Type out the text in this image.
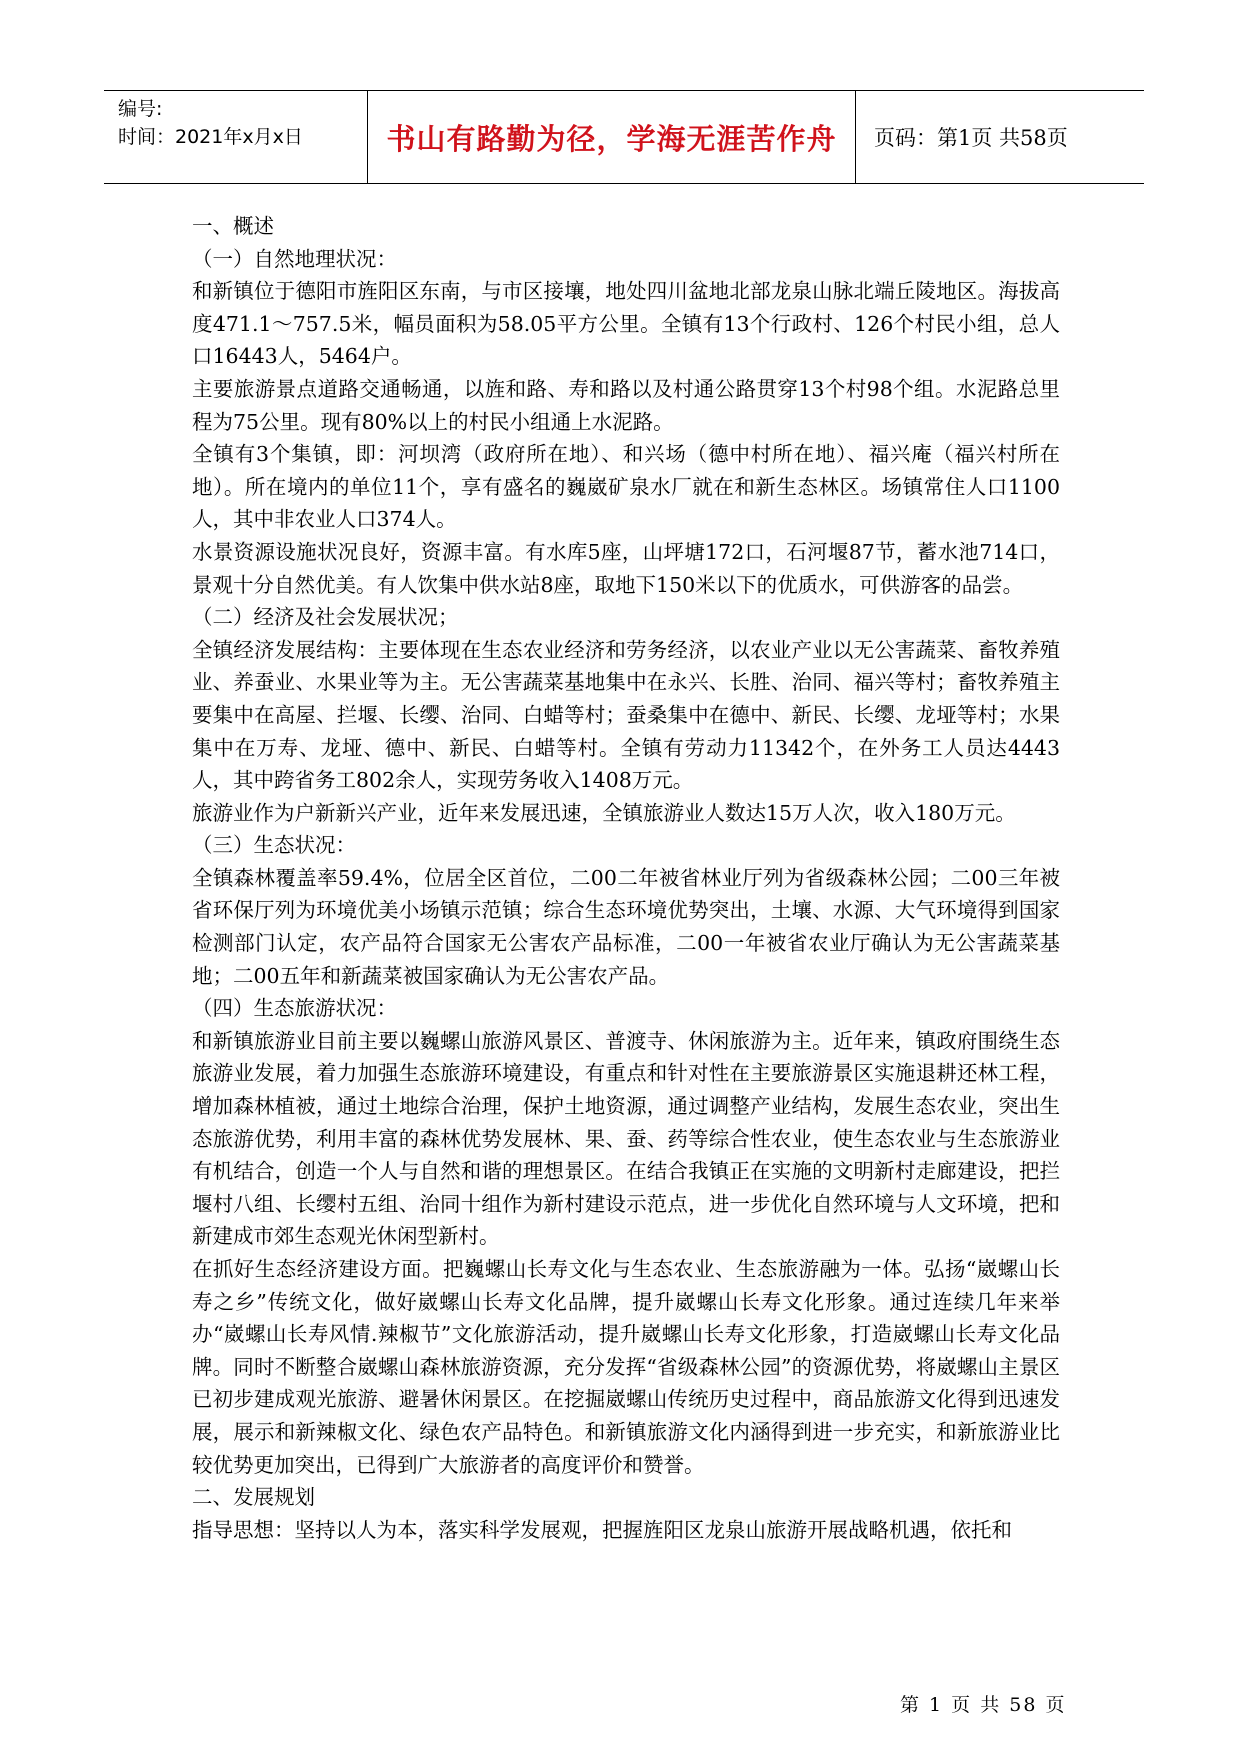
编号:
时间：2021年x月x日	书山有路勤为径，学海无涯苦作舟 页码：第1页 共58页

一、概述

（一）自然地理状况：

和新镇位于德阳市旌阳区东南，与市区接壤，地处四川盆地北部龙泉山脉北端丘陵地区。海拔高度471.1～757.5米，幅员面积为58.05平方公里。全镇有13个行政村、126个村民小组，总人口16443人，5464户。

主要旅游景点道路交通畅通，以旌和路、寿和路以及村通公路贯穿13个村98个组。水泥路总里程为75公里。现有80%以上的村民小组通上水泥路。

全镇有3个集镇，即：河坝湾（政府所在地）、和兴场（德中村所在地）、福兴庵（福兴村所在地）。所在境内的单位11个，享有盛名的巍崴矿泉水厂就在和新生态林区。场镇常住人口1100人，其中非农业人口374人。

水景资源设施状况良好，资源丰富。有水库5座，山坪塘172口，石河堰87节，蓄水池714口，景观十分自然优美。有人饮集中供水站8座，取地下150米以下的优质水，可供游客的品尝。

（二）经济及社会发展状况；

全镇经济发展结构：主要体现在生态农业经济和劳务经济，以农业产业以无公害蔬菜、畜牧养殖业、养蚕业、水果业等为主。无公害蔬菜基地集中在永兴、长胜、治同、福兴等村；畜牧养殖主要集中在高屋、拦堰、长缨、治同、白蜡等村；蚕桑集中在德中、新民、长缨、龙垭等村；水果集中在万寿、龙垭、德中、新民、白蜡等村。全镇有劳动力11342个，在外务工人员达4443人，其中跨省务工802余人，实现劳务收入1408万元。

旅游业作为户新新兴产业，近年来发展迅速，全镇旅游业人数达15万人次，收入180万元。

（三）生态状况：

全镇森林覆盖率59.4%，位居全区首位，二00二年被省林业厅列为省级森林公园；二00三年被省环保厅列为环境优美小场镇示范镇；综合生态环境优势突出，土壤、水源、大气环境得到国家检测部门认定，农产品符合国家无公害农产品标准，二00一年被省农业厅确认为无公害蔬菜基地；二00五年和新蔬菜被国家确认为无公害农产品。

（四）生态旅游状况：

和新镇旅游业目前主要以巍螺山旅游风景区、普渡寺、休闲旅游为主。近年来，镇政府围绕生态旅游业发展，着力加强生态旅游环境建设，有重点和针对性在主要旅游景区实施退耕还林工程，增加森林植被，通过土地综合治理，保护土地资源，通过调整产业结构，发展生态农业，突出生态旅游优势，利用丰富的森林优势发展林、果、蚕、药等综合性农业，使生态农业与生态旅游业有机结合，创造一个人与自然和谐的理想景区。在结合我镇正在实施的文明新村走廊建设，把拦堰村八组、长缨村五组、治同十组作为新村建设示范点，进一步优化自然环境与人文环境，把和新建成市郊生态观光休闲型新村。

在抓好生态经济建设方面。把巍螺山长寿文化与生态农业、生态旅游融为一体。弘扬“崴螺山长寿之乡”传统文化，做好崴螺山长寿文化品牌，提升崴螺山长寿文化形象。通过连续几年来举办“崴螺山长寿风情.辣椒节”文化旅游活动，提升崴螺山长寿文化形象，打造崴螺山长寿文化品牌。同时不断整合崴螺山森林旅游资源，充分发挥“省级森林公园”的资源优势，将崴螺山主景区已初步建成观光旅游、避暑休闲景区。在挖掘崴螺山传统历史过程中，商品旅游文化得到迅速发展，展示和新辣椒文化、绿色农产品特色。和新镇旅游文化内涵得到进一步充实，和新旅游业比较优势更加突出，已得到广大旅游者的高度评价和赞誉。

二、发展规划

指导思想：坚持以人为本，落实科学发展观，把握旌阳区龙泉山旅游开展战略机遇，依托和

第 1 页 共 58 页
